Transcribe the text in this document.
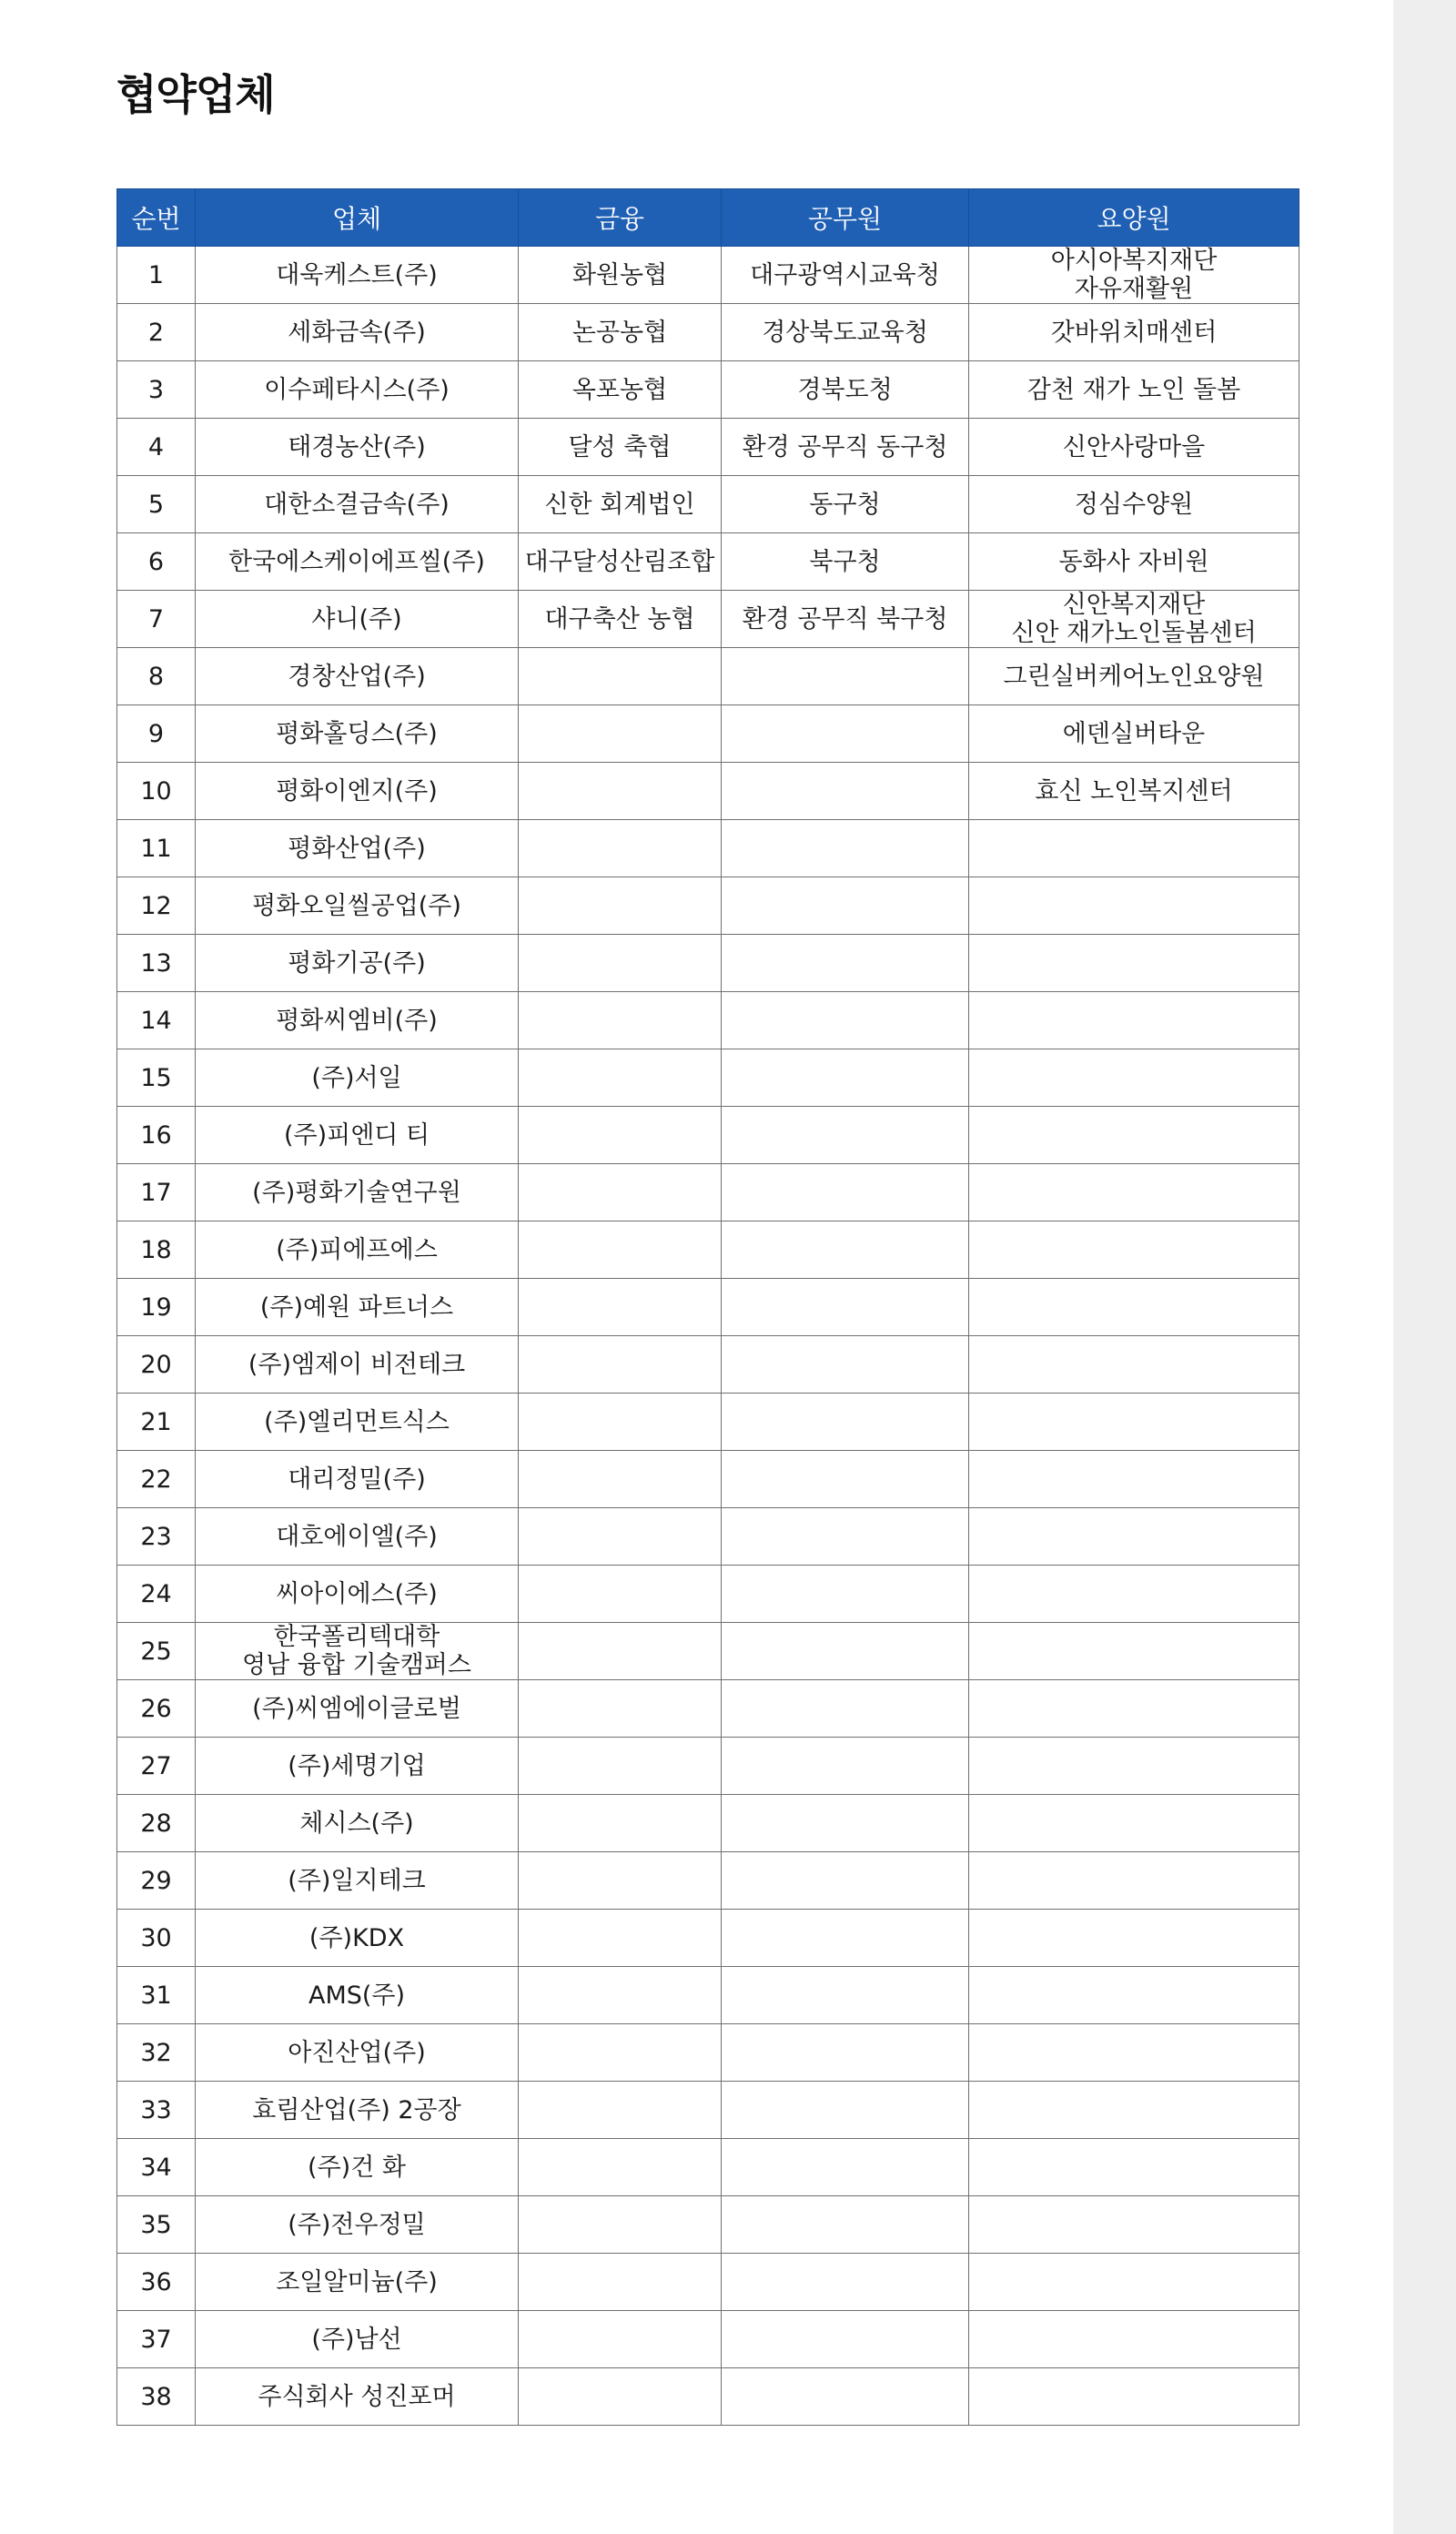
협약업체
순번	업체	금융	공무원	요양원
1	대욱케스트(주)	화원농협	대구광역시교육청	아시아복지재단
자유재활원
2	세화금속(주)	논공농협	경상북도교육청	갓바위치매센터
3	이수페타시스(주)	옥포농협	경북도청	감천 재가 노인 돌봄
4	태경농산(주)	달성 축협	환경 공무직 동구청	신안사랑마을
5	대한소결금속(주)	신한 회계법인	동구청	정심수양원
6	한국에스케이에프씰(주)	대구달성산림조합	북구청	동화사 자비원
7	샤니(주)	대구축산 농협	환경 공무직 북구청	신안복지재단
신안 재가노인돌봄센터
8	경창산업(주)			그린실버케어노인요양원
9	평화홀딩스(주)			에덴실버타운
10	평화이엔지(주)			효신 노인복지센터
11	평화산업(주)			
12	평화오일씰공업(주)			
13	평화기공(주)			
14	평화씨엠비(주)			
15	(주)서일			
16	(주)피엔디 티			
17	(주)평화기술연구원			
18	(주)피에프에스			
19	(주)예원 파트너스			
20	(주)엠제이 비전테크			
21	(주)엘리먼트식스			
22	대리정밀(주)			
23	대호에이엘(주)			
24	씨아이에스(주)			
25	한국폴리텍대학
영남 융합 기술캠퍼스			
26	(주)씨엠에이글로벌			
27	(주)세명기업			
28	체시스(주)			
29	(주)일지테크			
30	(주)KDX			
31	AMS(주)			
32	아진산업(주)			
33	효림산업(주) 2공장			
34	(주)건 화			
35	(주)전우정밀			
36	조일알미늄(주)			
37	(주)남선			
38	주식회사 성진포머			
